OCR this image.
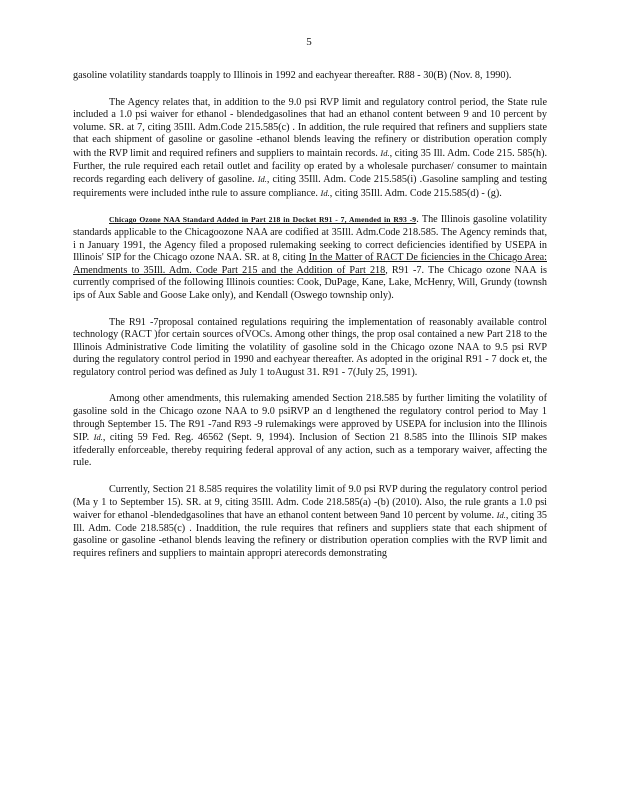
5

gasoline volatility standards toapply to Illinois in 1992 and eachyear thereafter. R88 - 30(B) (Nov. 8, 1990).

The Agency relates that, in addition to the 9.0 psi RVP limit and regulatory control period, the State rule included a 1.0 psi waiver for ethanol - blendedgasolines that had an ethanol content between 9 and 10 percent by volume. SR. at 7, citing 35Ill. Adm.Code 215.585(c) . In addition, the rule required that refiners and suppliers state that each shipment of gasoline or gasoline -ethanol blends leaving the refinery or distribution operation comply with the RVP limit and required refiners and suppliers to maintain records. Id., citing 35 Ill. Adm. Code 215. 585(h). Further, the rule required each retail outlet and facility op erated by a wholesale purchaser/ consumer to maintain records regarding each delivery of gasoline. Id., citing 35Ill. Adm. Code 215.585(i) .Gasoline sampling and testing requirements were included inthe rule to assure compliance. Id., citing 35Ill. Adm. Code 215.585(d) - (g).

Chicago Ozone NAA Standard Added in Part 218 in Docket R91 - 7, Amended in R93 -9. The Illinois gasoline volatility standards applicable to the Chicagoozone NAA are codified at 35Ill. Adm.Code 218.585. The Agency reminds that, i n January 1991, the Agency filed a proposed rulemaking seeking to correct deficiencies identified by USEPA in Illinois' SIP for the Chicago ozone NAA. SR. at 8, citing In the Matter of RACT De ficiencies in the Chicago Area: Amendments to 35Ill. Adm. Code Part 215 and the Addition of Part 218, R91 -7. The Chicago ozone NAA is currently comprised of the following Illinois counties: Cook, DuPage, Kane, Lake, McHenry, Will, Grundy (townsh ips of Aux Sable and Goose Lake only), and Kendall (Oswego township only).

The R91 -7proposal contained regulations requiring the implementation of reasonably available control technology (RACT )for certain sources ofVOCs. Among other things, the prop osal contained a new Part 218 to the Illinois Administrative Code limiting the volatility of gasoline sold in the Chicago ozone NAA to 9.5 psi RVP during the regulatory control period in 1990 and eachyear thereafter. As adopted in the original R91 - 7 dock et, the regulatory control period was defined as July 1 toAugust 31. R91 - 7(July 25, 1991).

Among other amendments, this rulemaking amended Section 218.585 by further limiting the volatility of gasoline sold in the Chicago ozone NAA to 9.0 psiRVP an d lengthened the regulatory control period to May 1 through September 15. The R91 -7and R93 -9 rulemakings were approved by USEPA for inclusion into the Illinois SIP. Id., citing 59 Fed. Reg. 46562 (Sept. 9, 1994). Inclusion of Section 21 8.585 into the Illinois SIP makes itfederally enforceable, thereby requiring federal approval of any action, such as a temporary waiver, affecting the rule.

Currently, Section 21 8.585 requires the volatility limit of 9.0 psi RVP during the regulatory control period (Ma y 1 to September 15). SR. at 9, citing 35Ill. Adm. Code 218.585(a) -(b) (2010). Also, the rule grants a 1.0 psi waiver for ethanol -blendedgasolines that have an ethanol content between 9and 10 percent by volume. Id., citing 35 Ill. Adm. Code 218.585(c) . Inaddition, the rule requires that refiners and suppliers state that each shipment of gasoline or gasoline -ethanol blends leaving the refinery or distribution operation complies with the RVP limit and requires refiners and suppliers to maintain appropri aterecords demonstrating
